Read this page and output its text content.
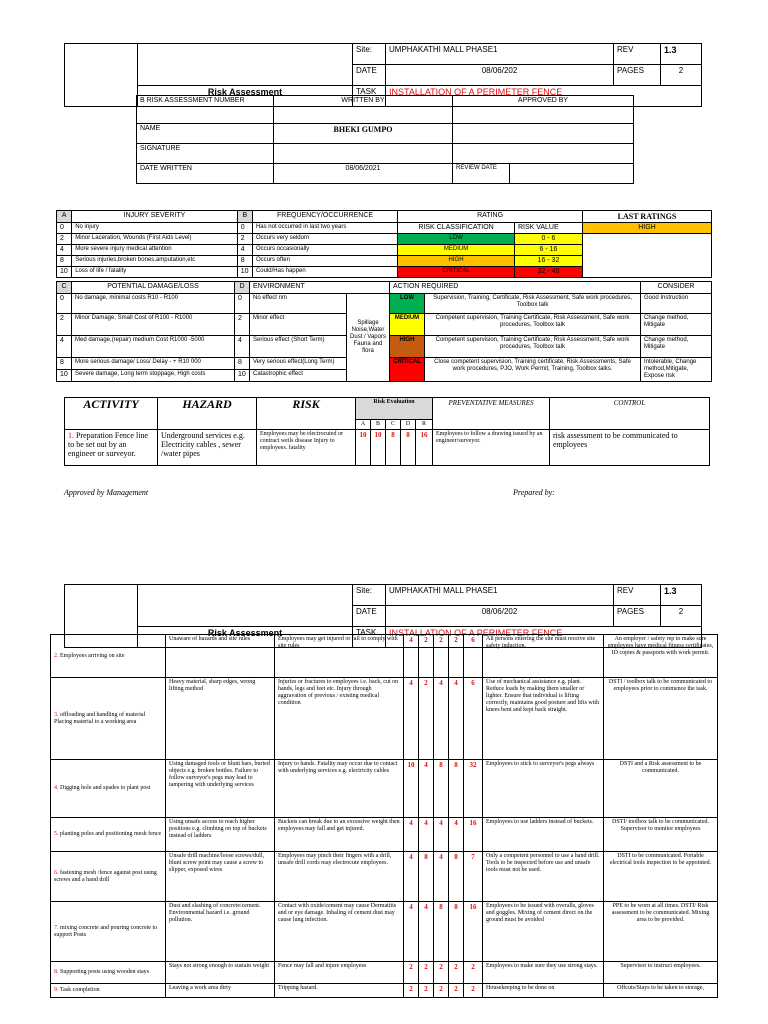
		Site:	UMPHAKATHI MALL PHASE1	REV	1.3
		DATE	08/06/202	PAGES	2
	Risk Assessment	TASK	INSTALLATION OF A PERIMETER FENCE		
B RISK ASSESSMENT NUMBER	WRITTEN BY	APPROVED BY	
NAME	BHEKI GUMPO		
SIGNATURE			
DATE WRITTEN	08/06/2021	REVIEW DATE	
A	INJURY SEVERITY	B	FREQUENCY/OCCURRENCE	RATING		LAST RATINGS
0	No injury	0	Has not occurred in last two years	RISK CLASSIFICATION	RISK VALUE	HIGH
2	Minor Laceration, Wounds (First Aids Level)	2	Occurs very seldom	LOW	0 - 6	
4	More severe injury medical attention	4	Occurs occasionally	MEDIUM	6 - 16	
8	Serious injuries,broken bones,amputation,etc	8	Occurs often	HIGH	16 - 32	
10	Loss of life / fatality	10	Could/Has happen	CRITICAL	32 - 40	
C	POTENTIAL DAMAGE/LOSS	D	ENVIRONMENT		ACTION REQUIRED		CONSIDER
0	No damage, minimal costs R10 - R100	0	No effect nm	Spillage Noise,Water Dust / Vapors Fauna and flora	LOW	Supervision, Training, Certificate, Risk Assessment, Safe work procedures, Toolbox talk	Good Instruction
2	Minor Damage, Small Cost of R100 - R1000	2	Minor effect		MEDIUM	Competent supervision, Training Certificate, Risk Assessment, Safe work procedures, Toolbox talk	Change method, Mitigate
4	Med damage,(repair) medium Cost R1000 -5000	4	Serious effect (Short Term)		HIGH	Competent supervision, Training Certificate, Risk Assessment, Safe work procedures, Toolbox talk	Change method, Mitigate
8	More serious damage/ Loss/ Delay - + R10 000	8	Very serious effect(Long Term)		CRITICAL	Close competent supervision, Training certificate, Risk Assessments, Safe work procedures, PJO, Work Permit, Training, Toolbox talks.	Intolerable, Change method,Mitigate, Expose risk
10	Severe damage, Long term stoppage, High costs	10	Catastrophic effect				
ACTIVITY	HAZARD	RISK	Risk Evaluation					PREVENTATIVE MEASURES	CONTROL
			A	B	C	D	R		
1. Preparation Fence line to be set out by an engineer or surveyor.	Underground services e.g. Electricity cables , sewer /water pipes	Employees may be electrocuted or contract weils disease Injury to employees. fatality	10	10	8	8	16	Employees to follow a drawing issued by an engineer/surveyor.	risk assessment to be communicated to employees
Approved by Management	Prepared by:
		Site:	UMPHAKATHI MALL PHASE1	REV	1.3
		DATE	08/06/202	PAGES	2
	Risk Assessment	TASK	INSTALLATION OF A PERIMETER FENCE		
2. Employees arriving on site	Unaware of hazards and site rules	Employees may get injured or fail to comply with site rules	4	2	2	2	6	All persons entering the site must receive site safety induction.	An employer / safety rep to make sure employees have medical fitness certificates, ID copies & passports with work permit.
3. offloading and handling of material Placing material to a working area	Heavy material, sharp edges, wrong lifting method	Injuries or fractures to employees i.e. back, cut on hands, legs and feet etc. Injury through aggravation of previous / existing medical condition	4	2	4	4	6	Use of mechanical assistance e.g. plant. Reduce loads by making them smaller or lighter. Ensure that individual is lifting correctly, maintains good posture and lifts with knees bent and kept back straight.	DSTI / toolbox talk to be communicated to employees prior to commence the task.
4. Digging hole and spades to plant post	Using damaged tools or blunt bars, buried objects e.g. broken bottles. Failure to follow surveyor's pegs may lead to tampering with underlying services	Injury to hands. Fatality may occur due to contact with underlying services e.g. electricity cables	10	4	8	8	32	Employees to stick to surveyor's pegs always	DSTI and a Risk assessment to be communicated.
5. planting poles and positioning mesh fence	Using unsafe access to reach higher positions e.g. climbing on top of buckets instead of ladders	Buckets can break due to an excessive weight then employees may fall and get injured.	4	4	4	4	16	Employees to use ladders instead of buckets.	DSTI/ toolbox talk to be communicated. Supervisor to monitor employees
6. fastening mesh /fence against post using screws and a hand drill	Unsafe drill machine/loose screws/dull, blunt screw point may cause a screw to slipper, exposed wires	Employees may pinch their fingers with a drill, unsafe drill cords may electrocute employees.	4	8	4	8	7	Only a competent personnel to use a hand drill. Tools to be inspected before use and unsafe tools must not be used.	DSTI to be communicated. Portable electrical tools inspection to be appointed.
7. mixing concrete and pouring concrete to support Posts	Dust and slashing of concrete/cement. Environmental hazard i.e. ground pollution.	Contact with oxide/cement may cause Dermatitis and or eye damage. Inhaling of cement dust may cause lung infection.	4	4	8	8	16	Employees to be issued with overalls, gloves and goggles. Mixing of cement direct on the ground must be avoided	PPE to be worn at all times. DSTI/ Risk assessment to be communicated. Mixing area to be provided.
8. Supporting posts using wooden stays	Stays not strong enough to sustain weight	Fence may fall and injure employees	2	2	2	2	2	Employees to make sure they use strong stays.	Supervisor to instruct employees.
9. Task completion	Leaving a work area dirty	Tripping hazard.	2	2	2	2	2	Housekeeping to be done on	Offcuts/Stays to be taken to storage,
